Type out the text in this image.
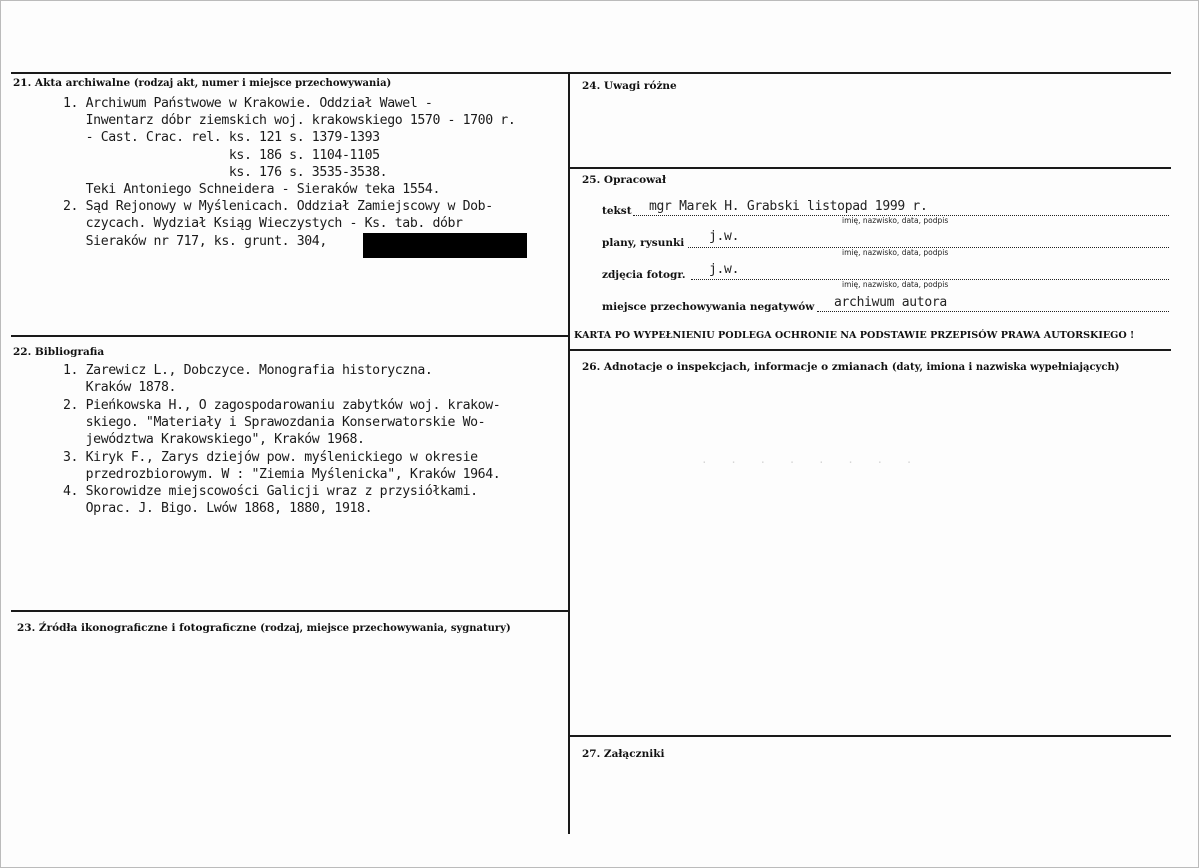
· · · · · · · ·
21. Akta archiwalne (rodzaj akt, numer i miejsce przechowywania)
1. Archiwum Państwowe w Krakowie. Oddział Wawel -
Inwentarz dóbr ziemskich woj. krakowskiego 1570 - 1700 r.
- Cast. Crac. rel. ks. 121 s. 1379-1393
ks. 186 s. 1104-1105
ks. 176 s. 3535-3538.
Teki Antoniego Schneidera - Sieraków teka 1554.
2. Sąd Rejonowy w Myślenicach. Oddział Zamiejscowy w Dob-
czycach. Wydział Ksiąg Wieczystych - Ks. tab. dóbr
Sieraków nr 717, ks. grunt. 304,
22. Bibliografia
1. Zarewicz L., Dobczyce. Monografia historyczna.
Kraków 1878.
2. Pieńkowska H., O zagospodarowaniu zabytków woj. krakow-
skiego. "Materiały i Sprawozdania Konserwatorskie Wo-
jewództwa Krakowskiego", Kraków 1968.
3. Kiryk F., Zarys dziejów pow. myślenickiego w okresie
przedrozbiorowym. W : "Ziemia Myślenicka", Kraków 1964.
4. Skorowidze miejscowości Galicji wraz z przysiółkami.
Oprac. J. Bigo. Lwów 1868, 1880, 1918.
23. Źródła ikonograficzne i fotograficzne (rodzaj, miejsce przechowywania, sygnatury)
24. Uwagi różne
25. Opracował
tekst mgr Marek H. Grabski listopad 1999 r.
imię, nazwisko, data, podpis
plany, rysunki j.w.
imię, nazwisko, data, podpis
zdjęcia fotogr. j.w.
imię, nazwisko, data, podpis
miejsce przechowywania negatywów archiwum autora
KARTA PO WYPEŁNIENIU PODLEGA OCHRONIE NA PODSTAWIE PRZEPISÓW PRAWA AUTORSKIEGO !
26. Adnotacje o inspekcjach, informacje o zmianach (daty, imiona i nazwiska wypełniających)
27. Załączniki
